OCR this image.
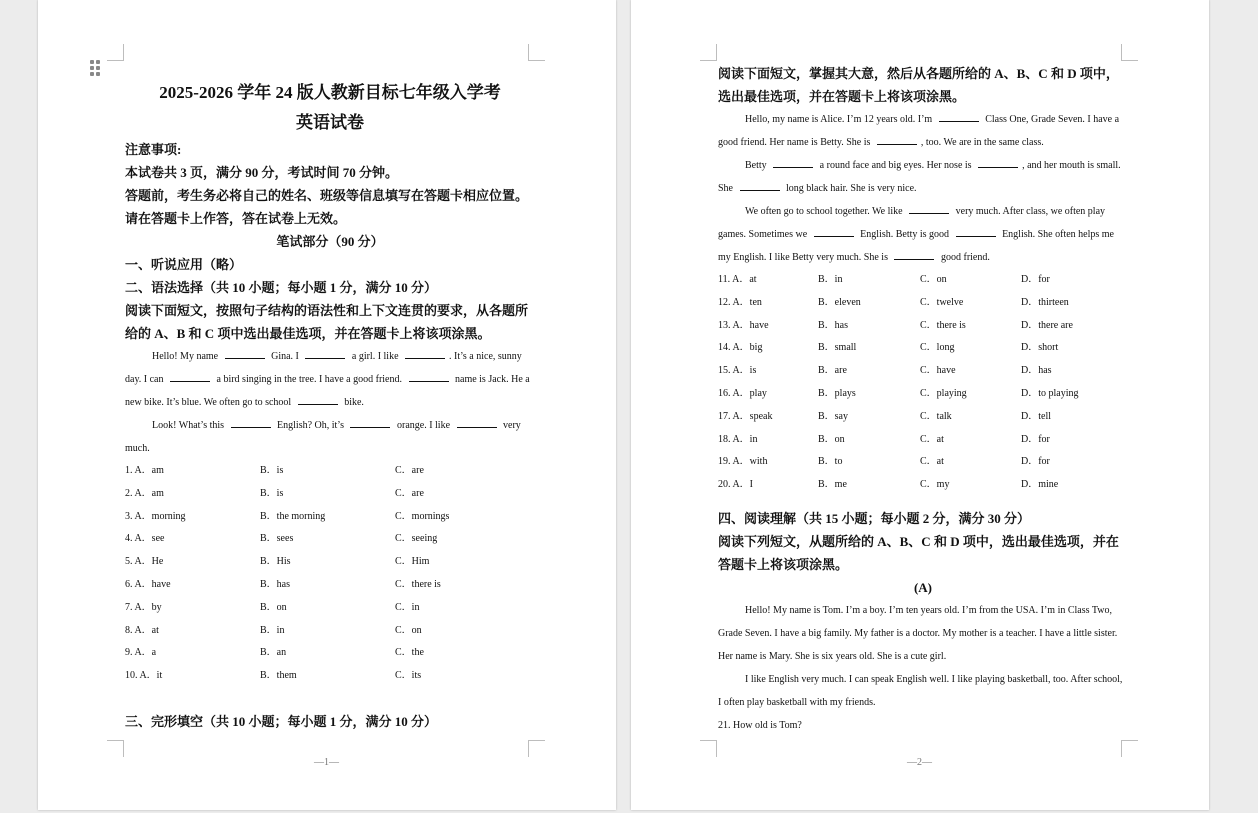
2025-2026 学年 24 版人教新目标七年级入学考
英语试卷
注意事项:
本试卷共 3 页，满分 90 分，考试时间 70 分钟。
答题前，考生务必将自己的姓名、班级等信息填写在答题卡相应位置。
请在答题卡上作答，答在试卷上无效。
笔试部分（90 分）
一、听说应用（略）
二、语法选择（共 10 小题；每小题 1 分，满分 10 分）
阅读下面短文，按照句子结构的语法性和上下文连贯的要求，从各题所给的 A、B 和 C 项中选出最佳选项，并在答题卡上将该项涂黑。
Hello! My name	Gina. I	a girl. I like	. It’s a nice, sunny day. I can	a bird singing in the tree. I have a good friend.	name is Jack. He a new bike. It’s blue. We often go to school	bike.
Look! What’s this	English? Oh, it’s	orange. I like	very much.
1. A．am	B．is	C．are
2. A．am	B．is	C．are
3. A．morning	B．the morning	C．mornings
4. A．see	B．sees	C．seeing
5. A．He	B．His	C．Him
6. A．have	B．has	C．there is
7. A．by	B．on	C．in
8. A．at	B．in	C．on
9. A．a	B．an	C．the
10. A．it	B．them	C．its
三、完形填空（共 10 小题；每小题 1 分，满分 10 分）
—1—
阅读下面短文，掌握其大意，然后从各题所给的 A、B、C 和 D 项中，选出最佳选项，并在答题卡上将该项涂黑。
Hello, my name is Alice. I’m 12 years old. I’m	Class One, Grade Seven. I have a good friend. Her name is Betty. She is	, too. We are in the same class.
Betty	a round face and big eyes. Her nose is	, and her mouth is small. She	long black hair. She is very nice.
We often go to school together. We like	very much. After class, we often play games. Sometimes we	English. Betty is good	English. She often helps me my English. I like Betty very much. She is	good friend.
11. A．at	B．in	C．on	D．for
12. A．ten	B．eleven	C．twelve	D．thirteen
13. A．have	B．has	C．there is	D．there are
14. A．big	B．small	C．long	D．short
15. A．is	B．are	C．have	D．has
16. A．play	B．plays	C．playing	D．to playing
17. A．speak	B．say	C．talk	D．tell
18. A．in	B．on	C．at	D．for
19. A．with	B．to	C．at	D．for
20. A．I	B．me	C．my	D．mine
四、阅读理解（共 15 小题；每小题 2 分，满分 30 分）
阅读下列短文，从题所给的 A、B、C 和 D 项中，选出最佳选项，并在答题卡上将该项涂黑。
(A)
Hello! My name is Tom. I’m a boy. I’m ten years old. I’m from the USA. I’m in Class Two, Grade Seven. I have a big family. My father is a doctor. My mother is a teacher. I have a little sister. Her name is Mary. She is six years old. She is a cute girl.
I like English very much. I can speak English well. I like playing basketball, too. After school, I often play basketball with my friends.
21. How old is Tom?
—2—
